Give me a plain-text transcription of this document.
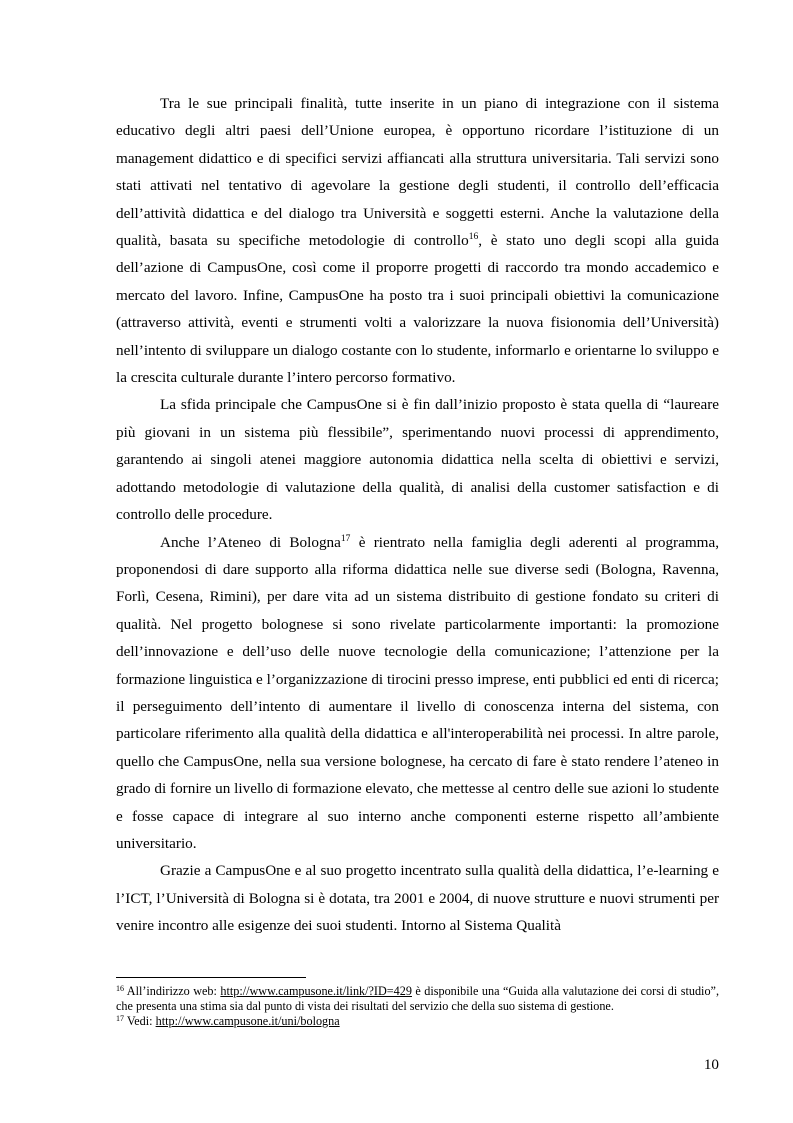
Tra le sue principali finalità, tutte inserite in un piano di integrazione con il sistema educativo degli altri paesi dell’Unione europea, è opportuno ricordare l’istituzione di un management didattico e di specifici servizi affiancati alla struttura universitaria. Tali servizi sono stati attivati nel tentativo di agevolare la gestione degli studenti, il controllo dell’efficacia dell’attività didattica e del dialogo tra Università e soggetti esterni. Anche la valutazione della qualità, basata su specifiche metodologie di controllo$^{16}$, è stato uno degli scopi alla guida dell’azione di CampusOne, così come il proporre progetti di raccordo tra mondo accademico e mercato del lavoro. Infine, CampusOne ha posto tra i suoi principali obiettivi la comunicazione (attraverso attività, eventi e strumenti volti a valorizzare la nuova fisionomia dell’Università) nell’intento di sviluppare un dialogo costante con lo studente, informarlo e orientarne lo sviluppo e la crescita culturale durante l’intero percorso formativo.

La sfida principale che CampusOne si è fin dall’inizio proposto è stata quella di “laureare più giovani in un sistema più flessibile”, sperimentando nuovi processi di apprendimento, garantendo ai singoli atenei maggiore autonomia didattica nella scelta di obiettivi e servizi, adottando metodologie di valutazione della qualità, di analisi della customer satisfaction e di controllo delle procedure.

Anche l’Ateneo di Bologna$^{17}$ è rientrato nella famiglia degli aderenti al programma, proponendosi di dare supporto alla riforma didattica nelle sue diverse sedi (Bologna, Ravenna, Forlì, Cesena, Rimini), per dare vita ad un sistema distribuito di gestione fondato su criteri di qualità. Nel progetto bolognese si sono rivelate particolarmente importanti: la promozione dell’innovazione e dell’uso delle nuove tecnologie della comunicazione; l’attenzione per la formazione linguistica e l’organizzazione di tirocini presso imprese, enti pubblici ed enti di ricerca; il perseguimento dell’intento di aumentare il livello di conoscenza interna del sistema, con particolare riferimento alla qualità della didattica e all'interoperabilità nei processi. In altre parole, quello che CampusOne, nella sua versione bolognese, ha cercato di fare è stato rendere l’ateneo in grado di fornire un livello di formazione elevato, che mettesse al centro delle sue azioni lo studente e fosse capace di integrare al suo interno anche componenti esterne rispetto all’ambiente universitario.

Grazie a CampusOne e al suo progetto incentrato sulla qualità della didattica, l’e-learning e l’ICT, l’Università di Bologna si è dotata, tra 2001 e 2004, di nuove strutture e nuovi strumenti per venire incontro alle esigenze dei suoi studenti. Intorno al Sistema Qualità

$^{16}$ All’indirizzo web: http://www.campusone.it/link/?ID=429 è disponibile una “Guida alla valutazione dei corsi di studio”, che presenta una stima sia dal punto di vista dei risultati del servizio che della suo sistema di gestione.

$^{17}$ Vedi: http://www.campusone.it/uni/bologna

10
